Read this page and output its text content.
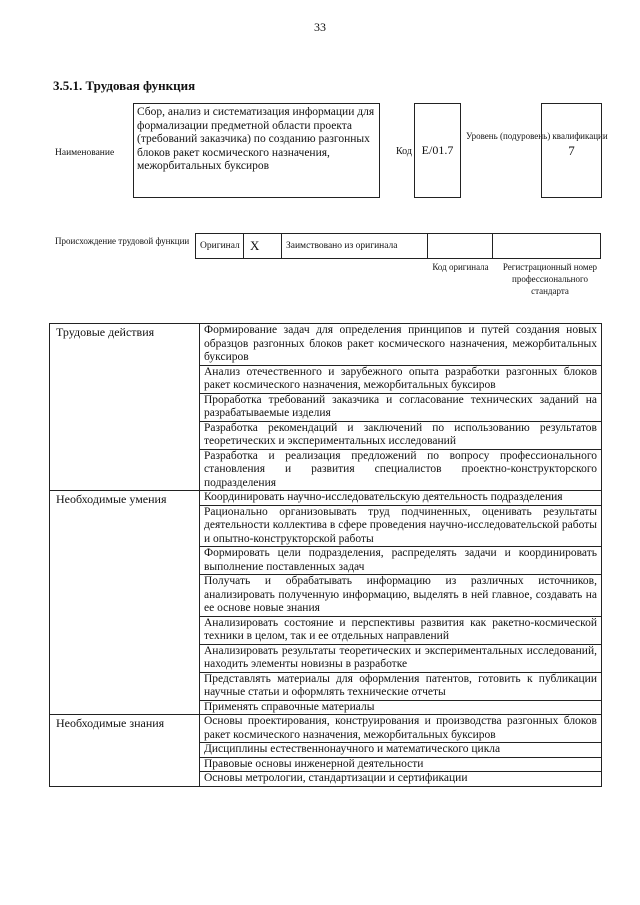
33
3.5.1. Трудовая функция
Наименование
Сбор, анализ и систематизация информации для формализации предметной области проекта (требований заказчика) по созданию разгонных блоков ракет космического назначения, межорбитальных буксиров
Код E/01.7
Уровень (подуровень) квалификации
7
Происхождение трудовой функции	Оригинал X	Заимствовано из оригинала
Код оригинала	Регистрационный номер профессионального стандарта
Трудовые действия	Формирование задач для определения принципов и путей создания новых образцов разгонных блоков ракет космического назначения, межорбитальных буксиров
	Анализ отечественного и зарубежного опыта разработки разгонных блоков ракет космического назначения, межорбитальных буксиров
	Проработка требований заказчика и согласование технических заданий на разрабатываемые изделия
	Разработка рекомендаций и заключений по использованию результатов теоретических и экспериментальных исследований
	Разработка и реализация предложений по вопросу профессионального становления и развития специалистов проектно-конструкторского подразделения
Необходимые умения	Координировать научно-исследовательскую деятельность подразделения
	Рационально организовывать труд подчиненных, оценивать результаты деятельности коллектива в сфере проведения научно-исследовательской работы и опытно-конструкторской работы
	Формировать цели подразделения, распределять задачи и координировать выполнение поставленных задач
	Получать и обрабатывать информацию из различных источников, анализировать полученную информацию, выделять в ней главное, создавать на ее основе новые знания
	Анализировать состояние и перспективы развития как ракетно-космической техники в целом, так и ее отдельных направлений
	Анализировать результаты теоретических и экспериментальных исследований, находить элементы новизны в разработке
	Представлять материалы для оформления патентов, готовить к публикации научные статьи и оформлять технические отчеты
	Применять справочные материалы
Необходимые знания	Основы проектирования, конструирования и производства разгонных блоков ракет космического назначения, межорбитальных буксиров
	Дисциплины естественнонаучного и математического цикла
	Правовые основы инженерной деятельности
	Основы метрологии, стандартизации и сертификации
